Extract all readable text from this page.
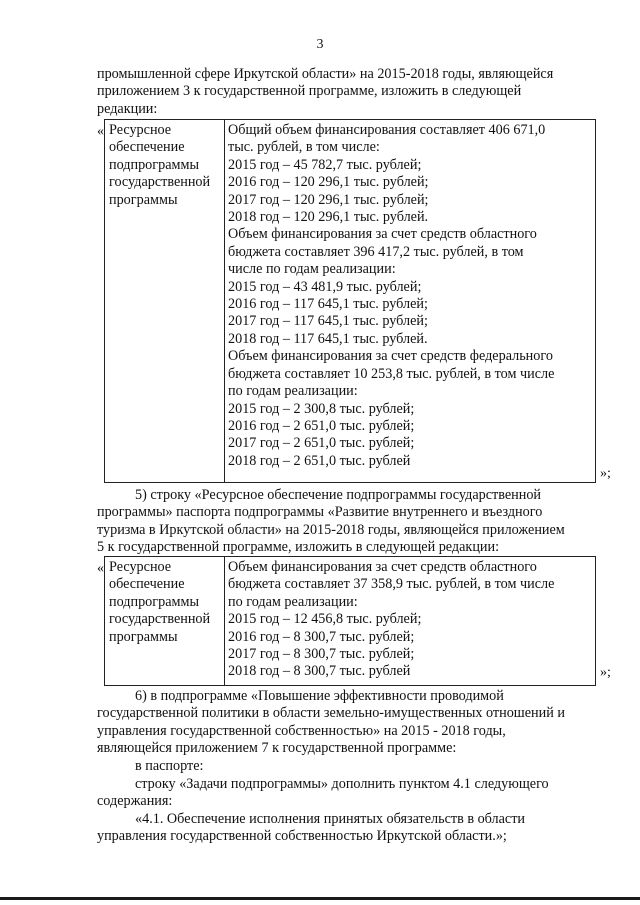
3
промышленной сфере Иркутской области» на 2015-2018 годы, являющейся
приложением 3 к государственной программе, изложить в следующей
редакции:
« Ресурсное
обеспечение
подпрограммы
государственной
программы
Общий объем финансирования составляет 406 671,0
тыс. рублей, в том числе:
2015 год – 45 782,7 тыс. рублей;
2016 год – 120 296,1 тыс. рублей;
2017 год – 120 296,1 тыс. рублей;
2018 год – 120 296,1 тыс. рублей.
Объем финансирования за счет средств областного
бюджета составляет 396 417,2 тыс. рублей, в том
числе по годам реализации:
2015 год – 43 481,9 тыс. рублей;
2016 год – 117 645,1 тыс. рублей;
2017 год – 117 645,1 тыс. рублей;
2018 год – 117 645,1 тыс. рублей.
Объем финансирования за счет средств федерального
бюджета составляет 10 253,8 тыс. рублей, в том числе
по годам реализации:
2015 год – 2 300,8 тыс. рублей;
2016 год – 2 651,0 тыс. рублей;
2017 год – 2 651,0 тыс. рублей;
2018 год – 2 651,0 тыс. рублей
»;
5) строку «Ресурсное обеспечение подпрограммы государственной
программы» паспорта подпрограммы «Развитие внутреннего и въездного
туризма в Иркутской области» на 2015-2018 годы, являющейся приложением
5 к государственной программе, изложить в следующей редакции:
« Ресурсное
обеспечение
подпрограммы
государственной
программы
Объем финансирования за счет средств областного
бюджета составляет 37 358,9 тыс. рублей, в том числе
по годам реализации:
2015 год – 12 456,8 тыс. рублей;
2016 год – 8 300,7 тыс. рублей;
2017 год – 8 300,7 тыс. рублей;
2018 год – 8 300,7 тыс. рублей	»;
6) в подпрограмме «Повышение эффективности проводимой
государственной политики в области земельно-имущественных отношений и
управления государственной собственностью» на 2015 - 2018 годы,
являющейся приложением 7 к государственной программе:
в паспорте:
строку «Задачи подпрограммы» дополнить пунктом 4.1 следующего
содержания:
«4.1. Обеспечение исполнения принятых обязательств в области
управления государственной собственностью Иркутской области.»;
